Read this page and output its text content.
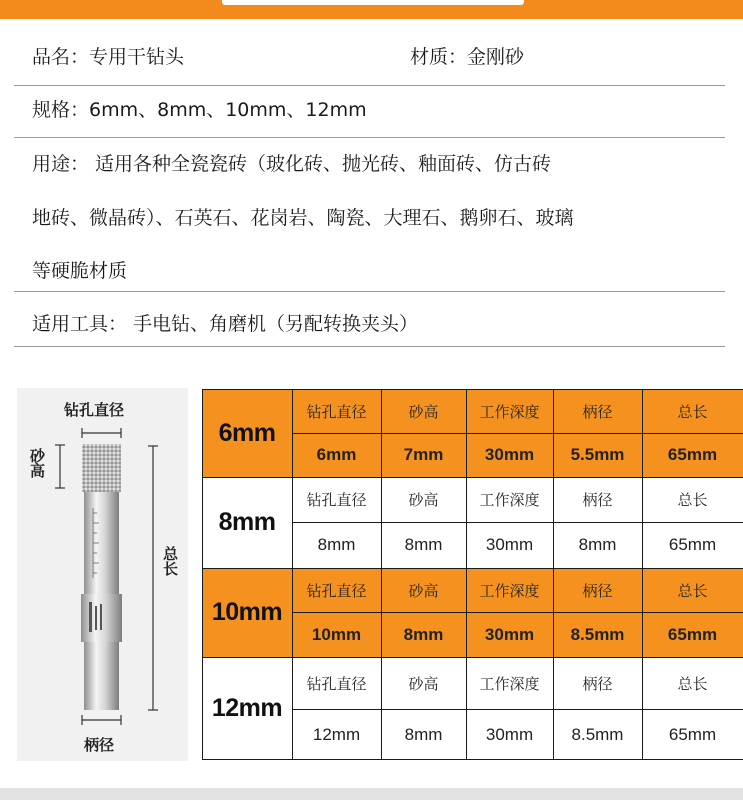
品名：专用干钻头	材质：金刚砂
规格：6mm、8mm、10mm、12mm
用途： 适用各种全瓷瓷砖（玻化砖、抛光砖、釉面砖、仿古砖
地砖、微晶砖）、石英石、花岗岩、陶瓷、大理石、鹅卵石、玻璃
等硬脆材质
适用工具： 手电钻、角磨机（另配转换夹头）
钻孔直径
砂高
总长
柄径
6mm
钻孔直径	砂高	工作深度	柄径	总长
6mm	7mm	30mm	5.5mm	65mm
8mm
钻孔直径	砂高	工作深度	柄径	总长
8mm	8mm	30mm	8mm	65mm
10mm
钻孔直径	砂高	工作深度	柄径	总长
10mm	8mm	30mm	8.5mm	65mm
12mm
钻孔直径	砂高	工作深度	柄径	总长
12mm	8mm	30mm	8.5mm	65mm
